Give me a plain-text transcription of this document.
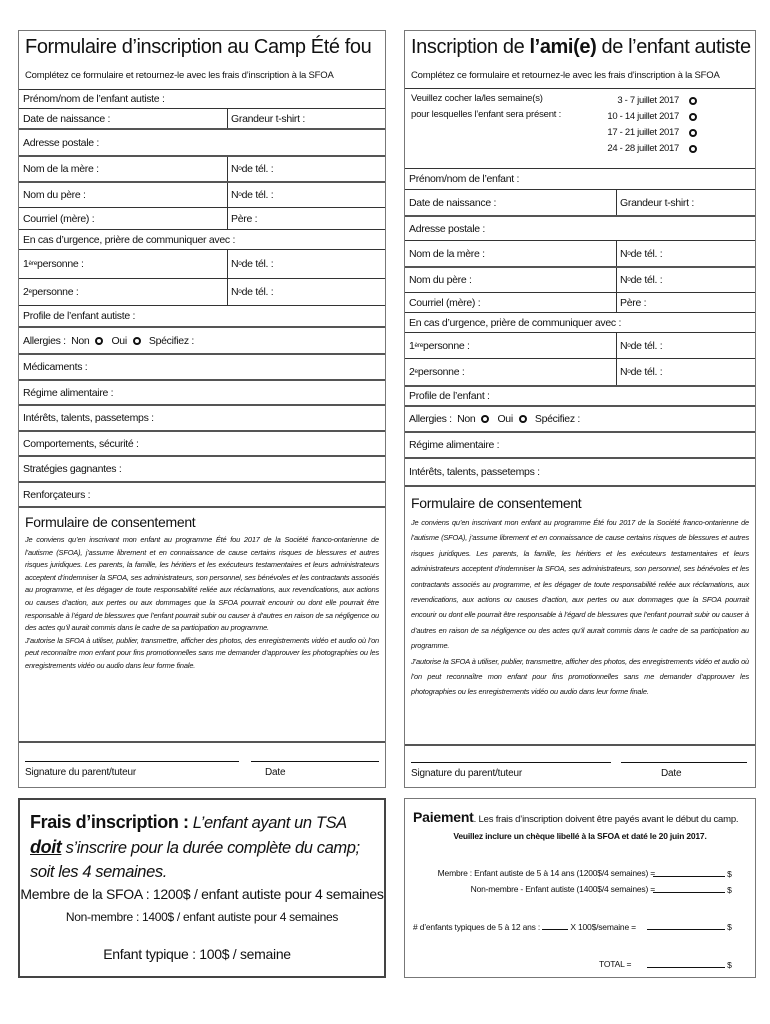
Formulaire d’inscription au Camp Été fou
Complétez ce formulaire et retournez-le avec les frais d’inscription à la SFOA
Prénom/nom de l’enfant autiste :
Date de naissance :	Grandeur t-shirt :
Adresse postale :
Nom de la mère :	N o de tél. :
Nom du père :	N o de tél. :
Courriel (mère) :	Père :
En cas d’urgence, prière de communiquer avec :
1 ère personne :	N o de tél. :
2 e personne :	N o de tél. :
Profile de l’enfant autiste :
Allergies :
Non Oui Spécifiez :
Médicaments :
Régime alimentaire :
Intérêts, talents, passetemps :
Comportements, sécurité :
Stratégies gagnantes :
Renforçateurs :
Formulaire de consentement
Je conviens qu’en inscrivant mon enfant au programme Été fou 2017 de la Société franco-ontarienne de l’autisme (SFOA), j’assume librement et en connaissance de cause certains risques de blessures et autres risques juridiques. Les parents, la famille, les héritiers et les exécuteurs testamentaires et leurs administrateurs acceptent d’indemniser la SFOA, ses administrateurs, son personnel, ses bénévoles et les contractants associés au programme, et les dégager de toute responsabilité reliée aux réclamations, aux revendications, aux actions ou causes d’action, aux pertes ou aux dommages que la SFOA pourrait encourir ou dont elle pourrait être responsable à l’égard de blessures que l’enfant pourrait subir ou causer à d’autres en raison de sa négligence ou des actes qu’il aurait commis dans le cadre de sa participation au programme.
J’autorise la SFOA à utiliser, publier, transmettre, afficher des photos, des enregistrements vidéo et audio où l’on peut reconnaître mon enfant pour fins promotionnelles sans me demander d’approuver les photographies ou les enregistrements vidéo ou audio dans leur forme finale.
Signature du parent/tuteur	Date
Inscription de l’ami(e) de l’enfant autiste
Complétez ce formulaire et retournez-le avec les frais d’inscription à la SFOA
Veuillez cocher la/les semaine(s)
pour lesquelles l’enfant sera présent :
3 - 7 juillet 2017
10 - 14 juillet 2017
17 - 21 juillet 2017
24 - 28 juillet 2017
Prénom/nom de l’enfant :
Date de naissance :	Grandeur t-shirt :
Adresse postale :
Nom de la mère :	N o de tél. :
Nom du père :	N o de tél. :
Courriel (mère) :	Père :
En cas d’urgence, prière de communiquer avec :
1 ère personne :	N o de tél. :
2 e personne :	N o de tél. :
Profile de l’enfant :
Allergies :
Non Oui Spécifiez :
Régime alimentaire :
Intérêts, talents, passetemps :
Formulaire de consentement
Je conviens qu’en inscrivant mon enfant au programme Été fou 2017 de la Société franco-ontarienne de l’autisme (SFOA), j’assume librement et en connaissance de cause certains risques de blessures et autres risques juridiques. Les parents, la famille, les héritiers et les exécuteurs testamentaires et leurs administrateurs acceptent d’indemniser la SFOA, ses administrateurs, son personnel, ses bénévoles et les contractants associés au programme, et les dégager de toute responsabilité reliée aux réclamations, aux revendications, aux actions ou causes d’action, aux pertes ou aux dommages que la SFOA pourrait encourir ou dont elle pourrait être responsable à l’égard de blessures que l’enfant pourrait subir ou causer à d’autres en raison de sa négligence ou des actes qu’il aurait commis dans le cadre de sa participation au programme.
J’autorise la SFOA à utiliser, publier, transmettre, afficher des photos, des enregistrements vidéo et audio où l’on peut reconnaître mon enfant pour fins promotionnelles sans me demander d’approuver les photographies ou les enregistrements vidéo ou audio dans leur forme finale.
Signature du parent/tuteur	Date
Frais d’inscription : L’enfant ayant un TSA doit s’inscrire pour la durée complète du camp; soit les 4 semaines.
Membre de la SFOA : 1200$ / enfant autiste pour 4 semaines
Non-membre : 1400$ / enfant autiste pour 4 semaines
Enfant typique : 100$ / semaine
Paiement. Les frais d’inscription doivent être payés avant le début du camp.
Veuillez inclure un chèque libellé à la SFOA et daté le 20 juin 2017.
Membre : Enfant autiste de 5 à 14 ans (1200$/4 semaines) =	$
Non-membre - Enfant autiste (1400$/4 semaines) =	$
# d’enfants typiques de 5 à 12 ans :	X 100$/semaine =	$
TOTAL =	$
